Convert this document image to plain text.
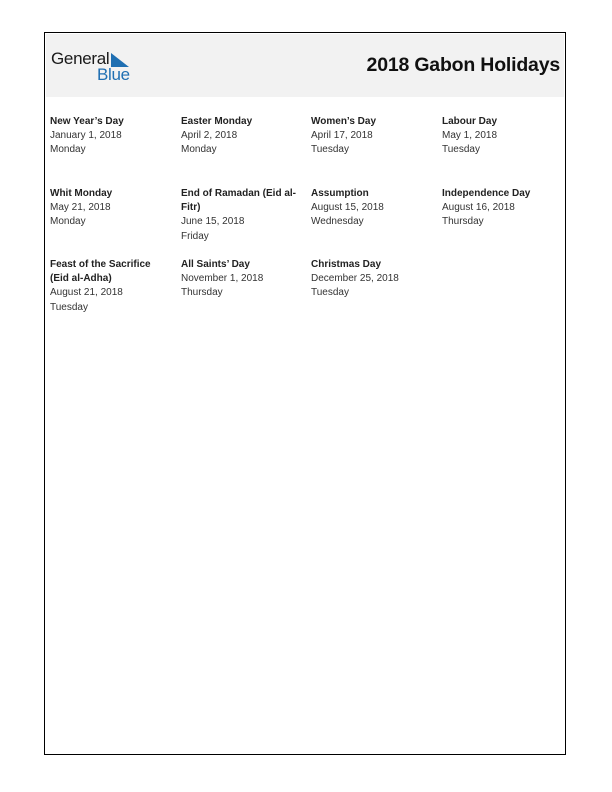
General
Blue	2018 Gabon Holidays
New Year’s Day
January 1, 2018
Monday
Easter Monday
April 2, 2018
Monday
Women’s Day
April 17, 2018
Tuesday
Labour Day
May 1, 2018
Tuesday
Whit Monday
May 21, 2018
Monday
End of Ramadan (Eid al-Fitr)
June 15, 2018
Friday
Assumption
August 15, 2018
Wednesday
Independence Day
August 16, 2018
Thursday
Feast of the Sacrifice (Eid al-Adha)
August 21, 2018
Tuesday
All Saints’ Day
November 1, 2018
Thursday
Christmas Day
December 25, 2018
Tuesday
